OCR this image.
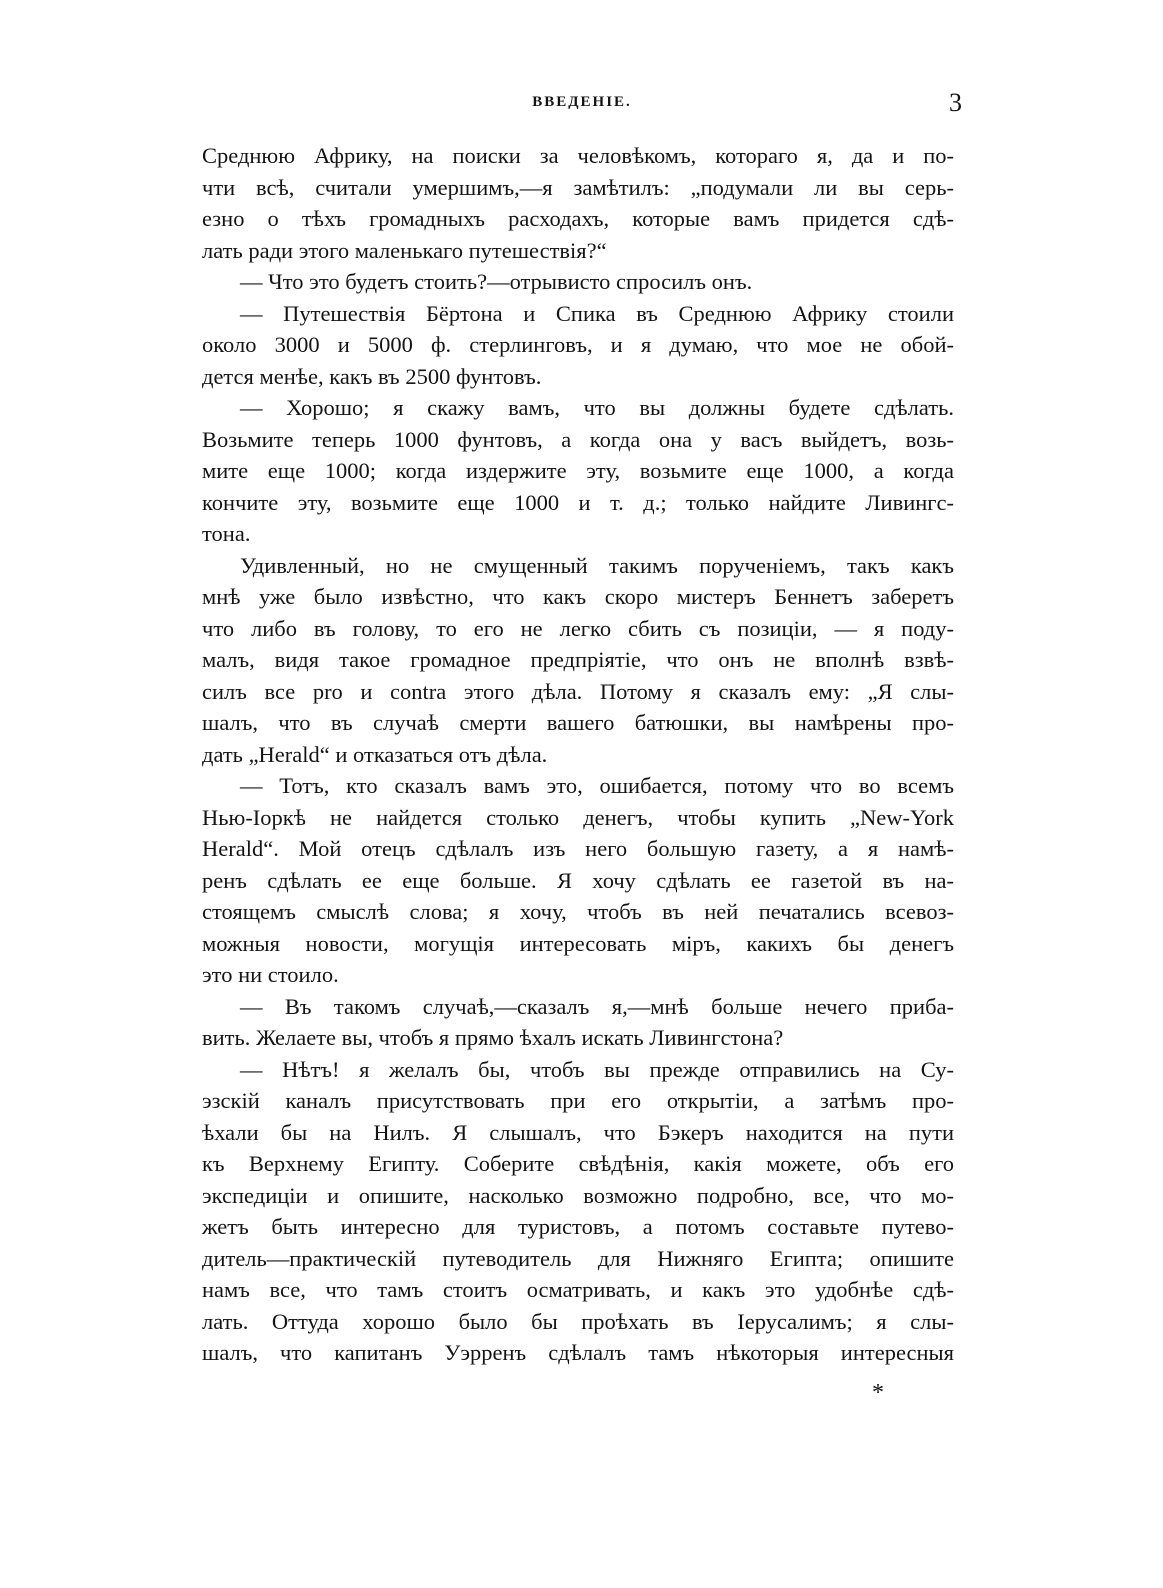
ВВЕДЕНІЕ.	3
Среднюю Африку, на поиски за человѣкомъ, котораго я, да и по-
чти всѣ, считали умершимъ,—я замѣтилъ: „подумали ли вы серь-
езно о тѣхъ громадныхъ расходахъ, которые вамъ придется сдѣ-
лать ради этого маленькаго путешествія?“
— Что это будетъ стоить?—отрывисто спросилъ онъ.
— Путешествія Бёртона и Спика въ Среднюю Африку стоили
около 3000 и 5000 ф. стерлинговъ, и я думаю, что мое не обой-
дется менѣе, какъ въ 2500 фунтовъ.
— Хорошо; я скажу вамъ, что вы должны будете сдѣлать.
Возьмите теперь 1000 фунтовъ, а когда она у васъ выйдетъ, возь-
мите еще 1000; когда издержите эту, возьмите еще 1000, а когда
кончите эту, возьмите еще 1000 и т. д.; только найдите Ливингс-
тона.
Удивленный, но не смущенный такимъ порученіемъ, такъ какъ
мнѣ уже было извѣстно, что какъ скоро мистеръ Беннетъ заберетъ
что либо въ голову, то его не легко сбить съ позиціи, — я поду-
малъ, видя такое громадное предпріятіе, что онъ не вполнѣ взвѣ-
силъ все pro и contra этого дѣла. Потому я сказалъ ему: „Я слы-
шалъ, что въ случаѣ смерти вашего батюшки, вы намѣрены про-
дать „Herald“ и отказаться отъ дѣла.
— Тотъ, кто сказалъ вамъ это, ошибается, потому что во всемъ
Нью-Іоркѣ не найдется столько денегъ, чтобы купить „New-York
Herald“. Мой отецъ сдѣлалъ изъ него большую газету, а я намѣ-
ренъ сдѣлать ее еще больше. Я хочу сдѣлать ее газетой въ на-
стоящемъ смыслѣ слова; я хочу, чтобъ въ ней печатались всевоз-
можныя новости, могущія интересовать міръ, какихъ бы денегъ
это ни стоило.
— Въ такомъ случаѣ,—сказалъ я,—мнѣ больше нечего приба-
вить. Желаете вы, чтобъ я прямо ѣхалъ искать Ливингстона?
— Нѣтъ! я желалъ бы, чтобъ вы прежде отправились на Су-
эзскій каналъ присутствовать при его открытіи, а затѣмъ про-
ѣхали бы на Нилъ. Я слышалъ, что Бэкеръ находится на пути
къ Верхнему Египту. Соберите свѣдѣнія, какія можете, объ его
экспедиціи и опишите, насколько возможно подробно, все, что мо-
жетъ быть интересно для туристовъ, а потомъ составьте путево-
дитель—практическій путеводитель для Нижняго Египта; опишите
намъ все, что тамъ стоитъ осматривать, и какъ это удобнѣе сдѣ-
лать. Оттуда хорошо было бы проѣхать въ Іерусалимъ; я слы-
шалъ, что капитанъ Уэрренъ сдѣлалъ тамъ нѣкоторыя интересныя
*
